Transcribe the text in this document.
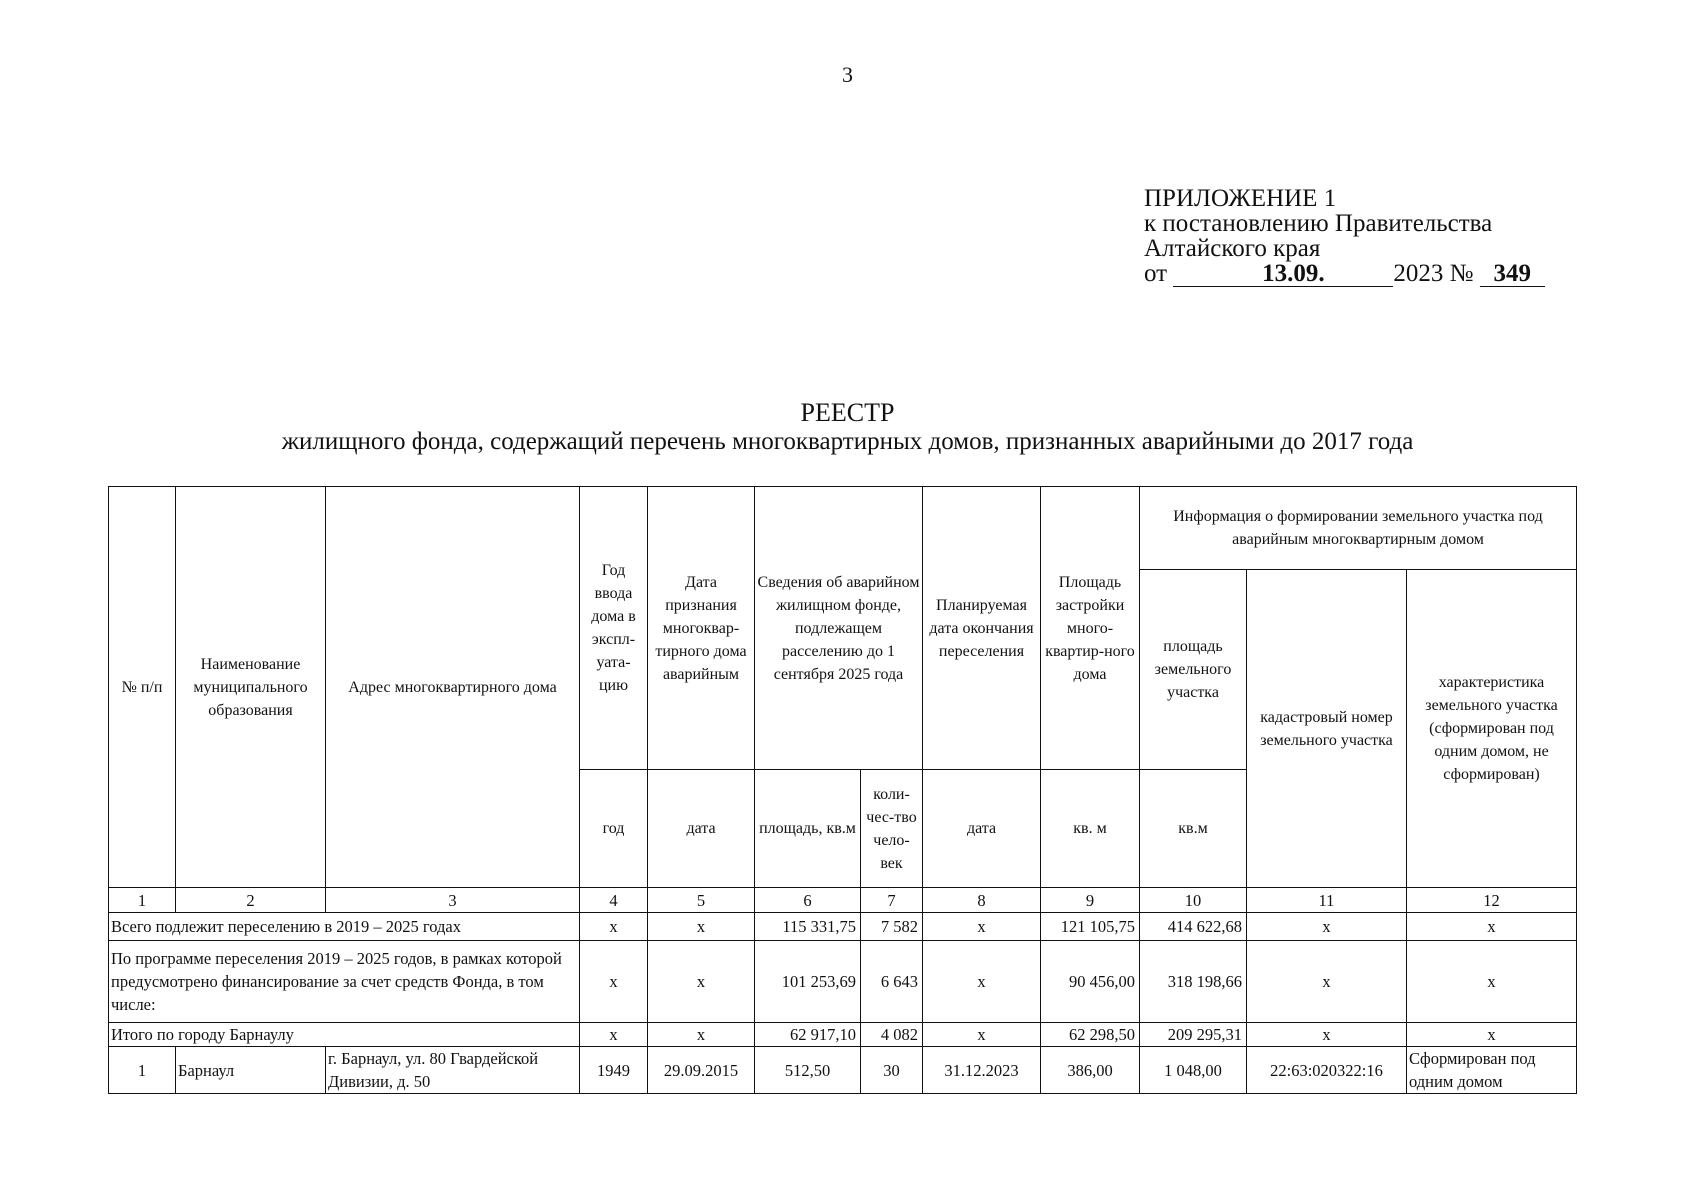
3
ПРИЛОЖЕНИЕ 1
к постановлению Правительства
Алтайского края
от	13.09.	2023 № 349
РЕЕСТР
жилищного фонда, содержащий перечень многоквартирных домов, признанных аварийными до 2017 года
№ п/п	Наименование муниципального образования	Адрес многоквартирного дома	Год ввода дома в экспл-уата-цию	Дата признания многоквар-тирного дома аварийным	Сведения об аварийном жилищном фонде, подлежащем расселению до 1 сентября 2025 года		Планируемая дата окончания переселения	Площадь застройки много-квартир-ного дома	Информация о формировании земельного участка под аварийным многоквартирным домом		
									площадь земельного участка	кадастровый номер земельного участка	характеристика земельного участка (сформирован под одним домом, не сформирован)
			год	дата	площадь, кв.м	коли-чес-тво чело-век	дата	кв. м	кв.м		
1	2	3	4	5	6	7	8	9	10	11	12
Всего подлежит переселению в 2019 – 2025 годах			х	х	115 331,75	7 582	х	121 105,75	414 622,68	х	х
По программе переселения 2019 – 2025 годов, в рамках которой предусмотрено финансирование за счет средств Фонда, в том числе:			х	х	101 253,69	6 643	х	90 456,00	318 198,66	х	х
Итого по городу Барнаулу			х	х	62 917,10	4 082	х	62 298,50	209 295,31	х	х
1	Барнаул	г. Барнаул, ул. 80 Гвардейской Дивизии, д. 50	1949	29.09.2015	512,50	30	31.12.2023	386,00	1 048,00	22:63:020322:16	Сформирован под одним домом
